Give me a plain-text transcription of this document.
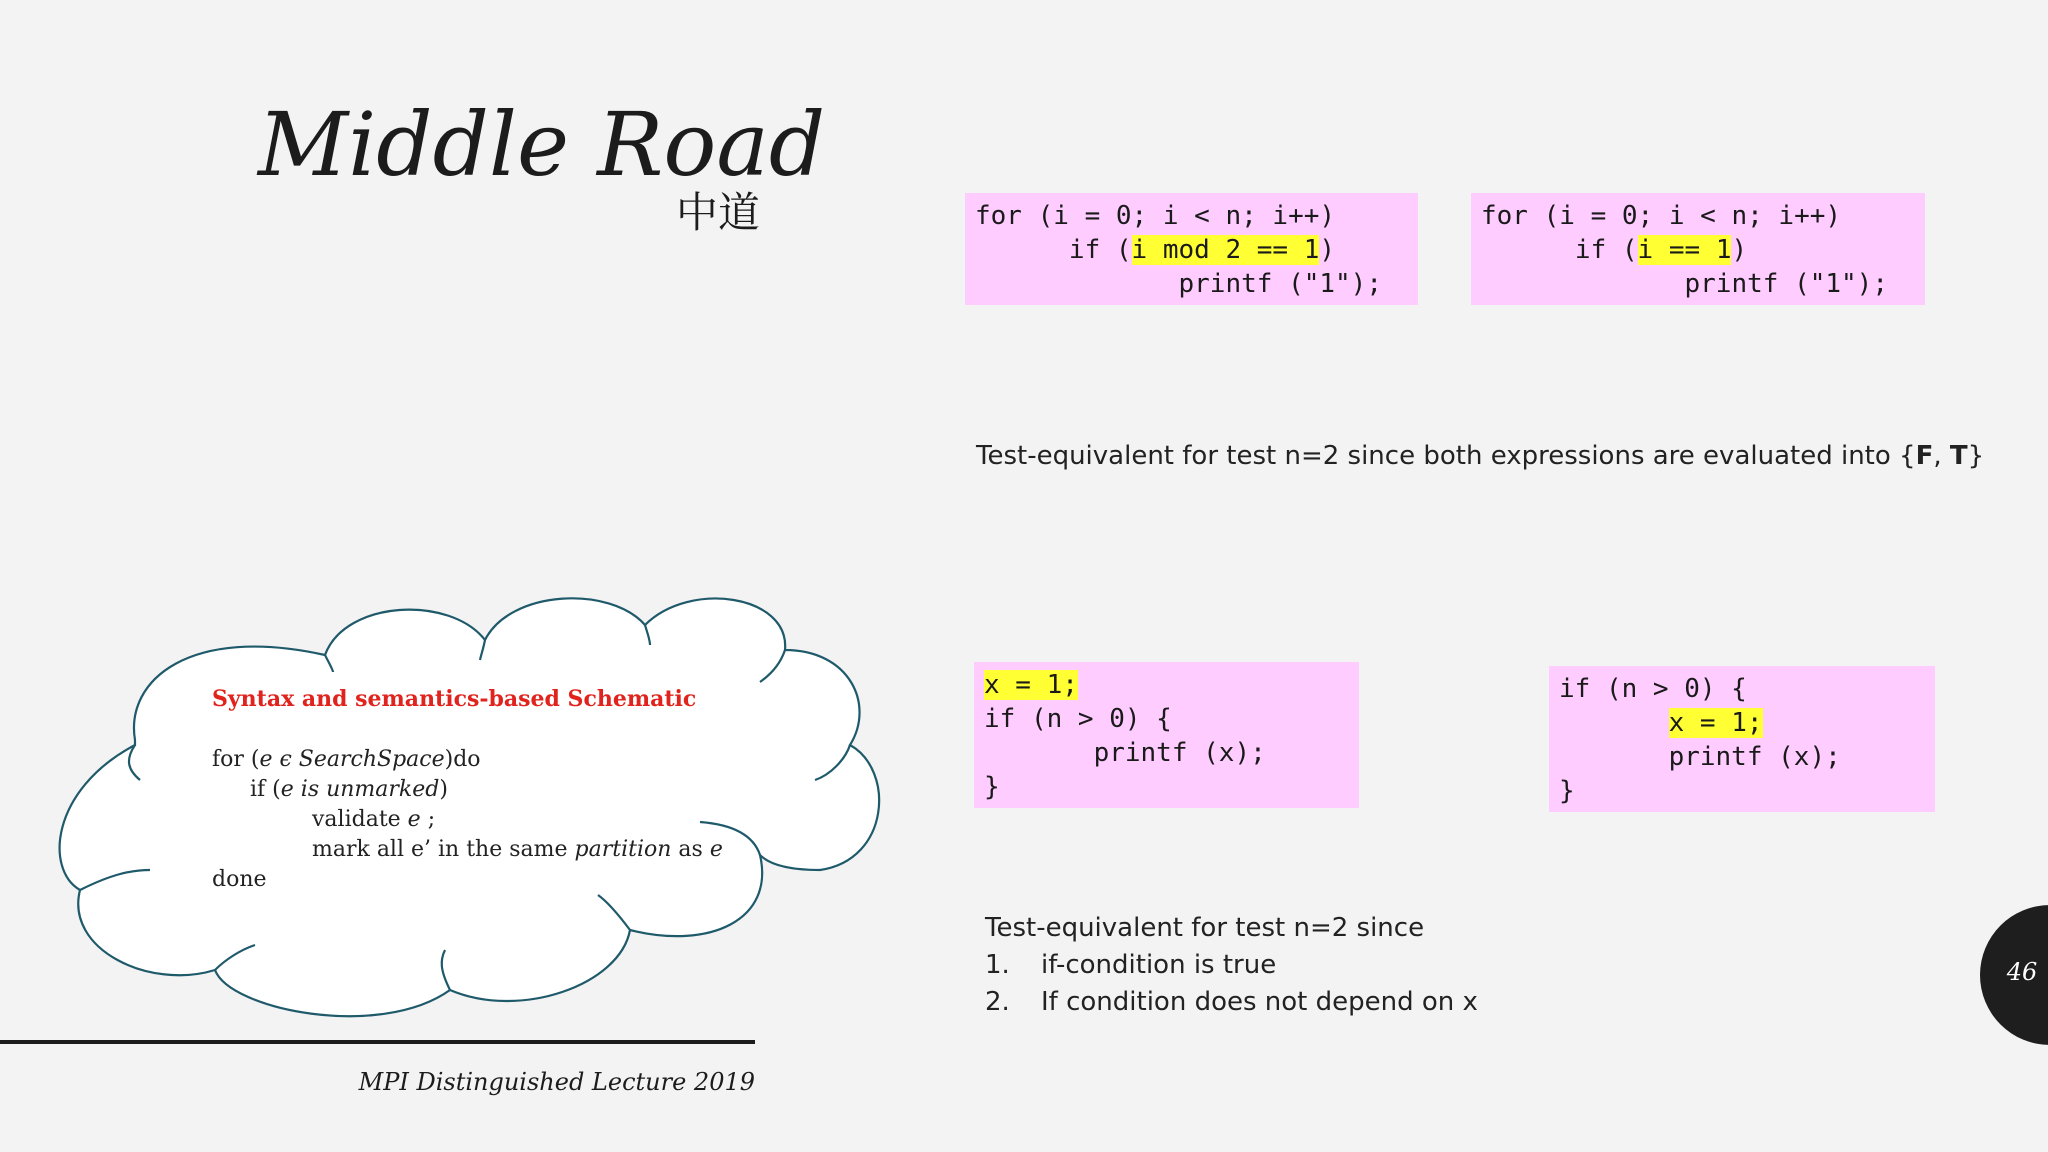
Middle Road
中道	for (i = 0; i < n; i++)
if (i mod 2 == 1)
printf ("1");
for (i = 0; i < n; i++)
if (i == 1)
printf ("1");
Test-equivalent for test n=2 since both expressions are evaluated into {F, T}
x = 1;
if (n > 0) {
printf (x);
}
if (n > 0) {
x = 1;
printf (x);
}
Test-equivalent for test n=2 since
1.	if-condition is true
2.	If condition does not depend on x
Syntax and semantics-based Schematic
for (e ϵ SearchSpace)do
if (e is unmarked)
validate e ;
mark all e’ in the same partition as e
done
MPI Distinguished Lecture 2019
46
